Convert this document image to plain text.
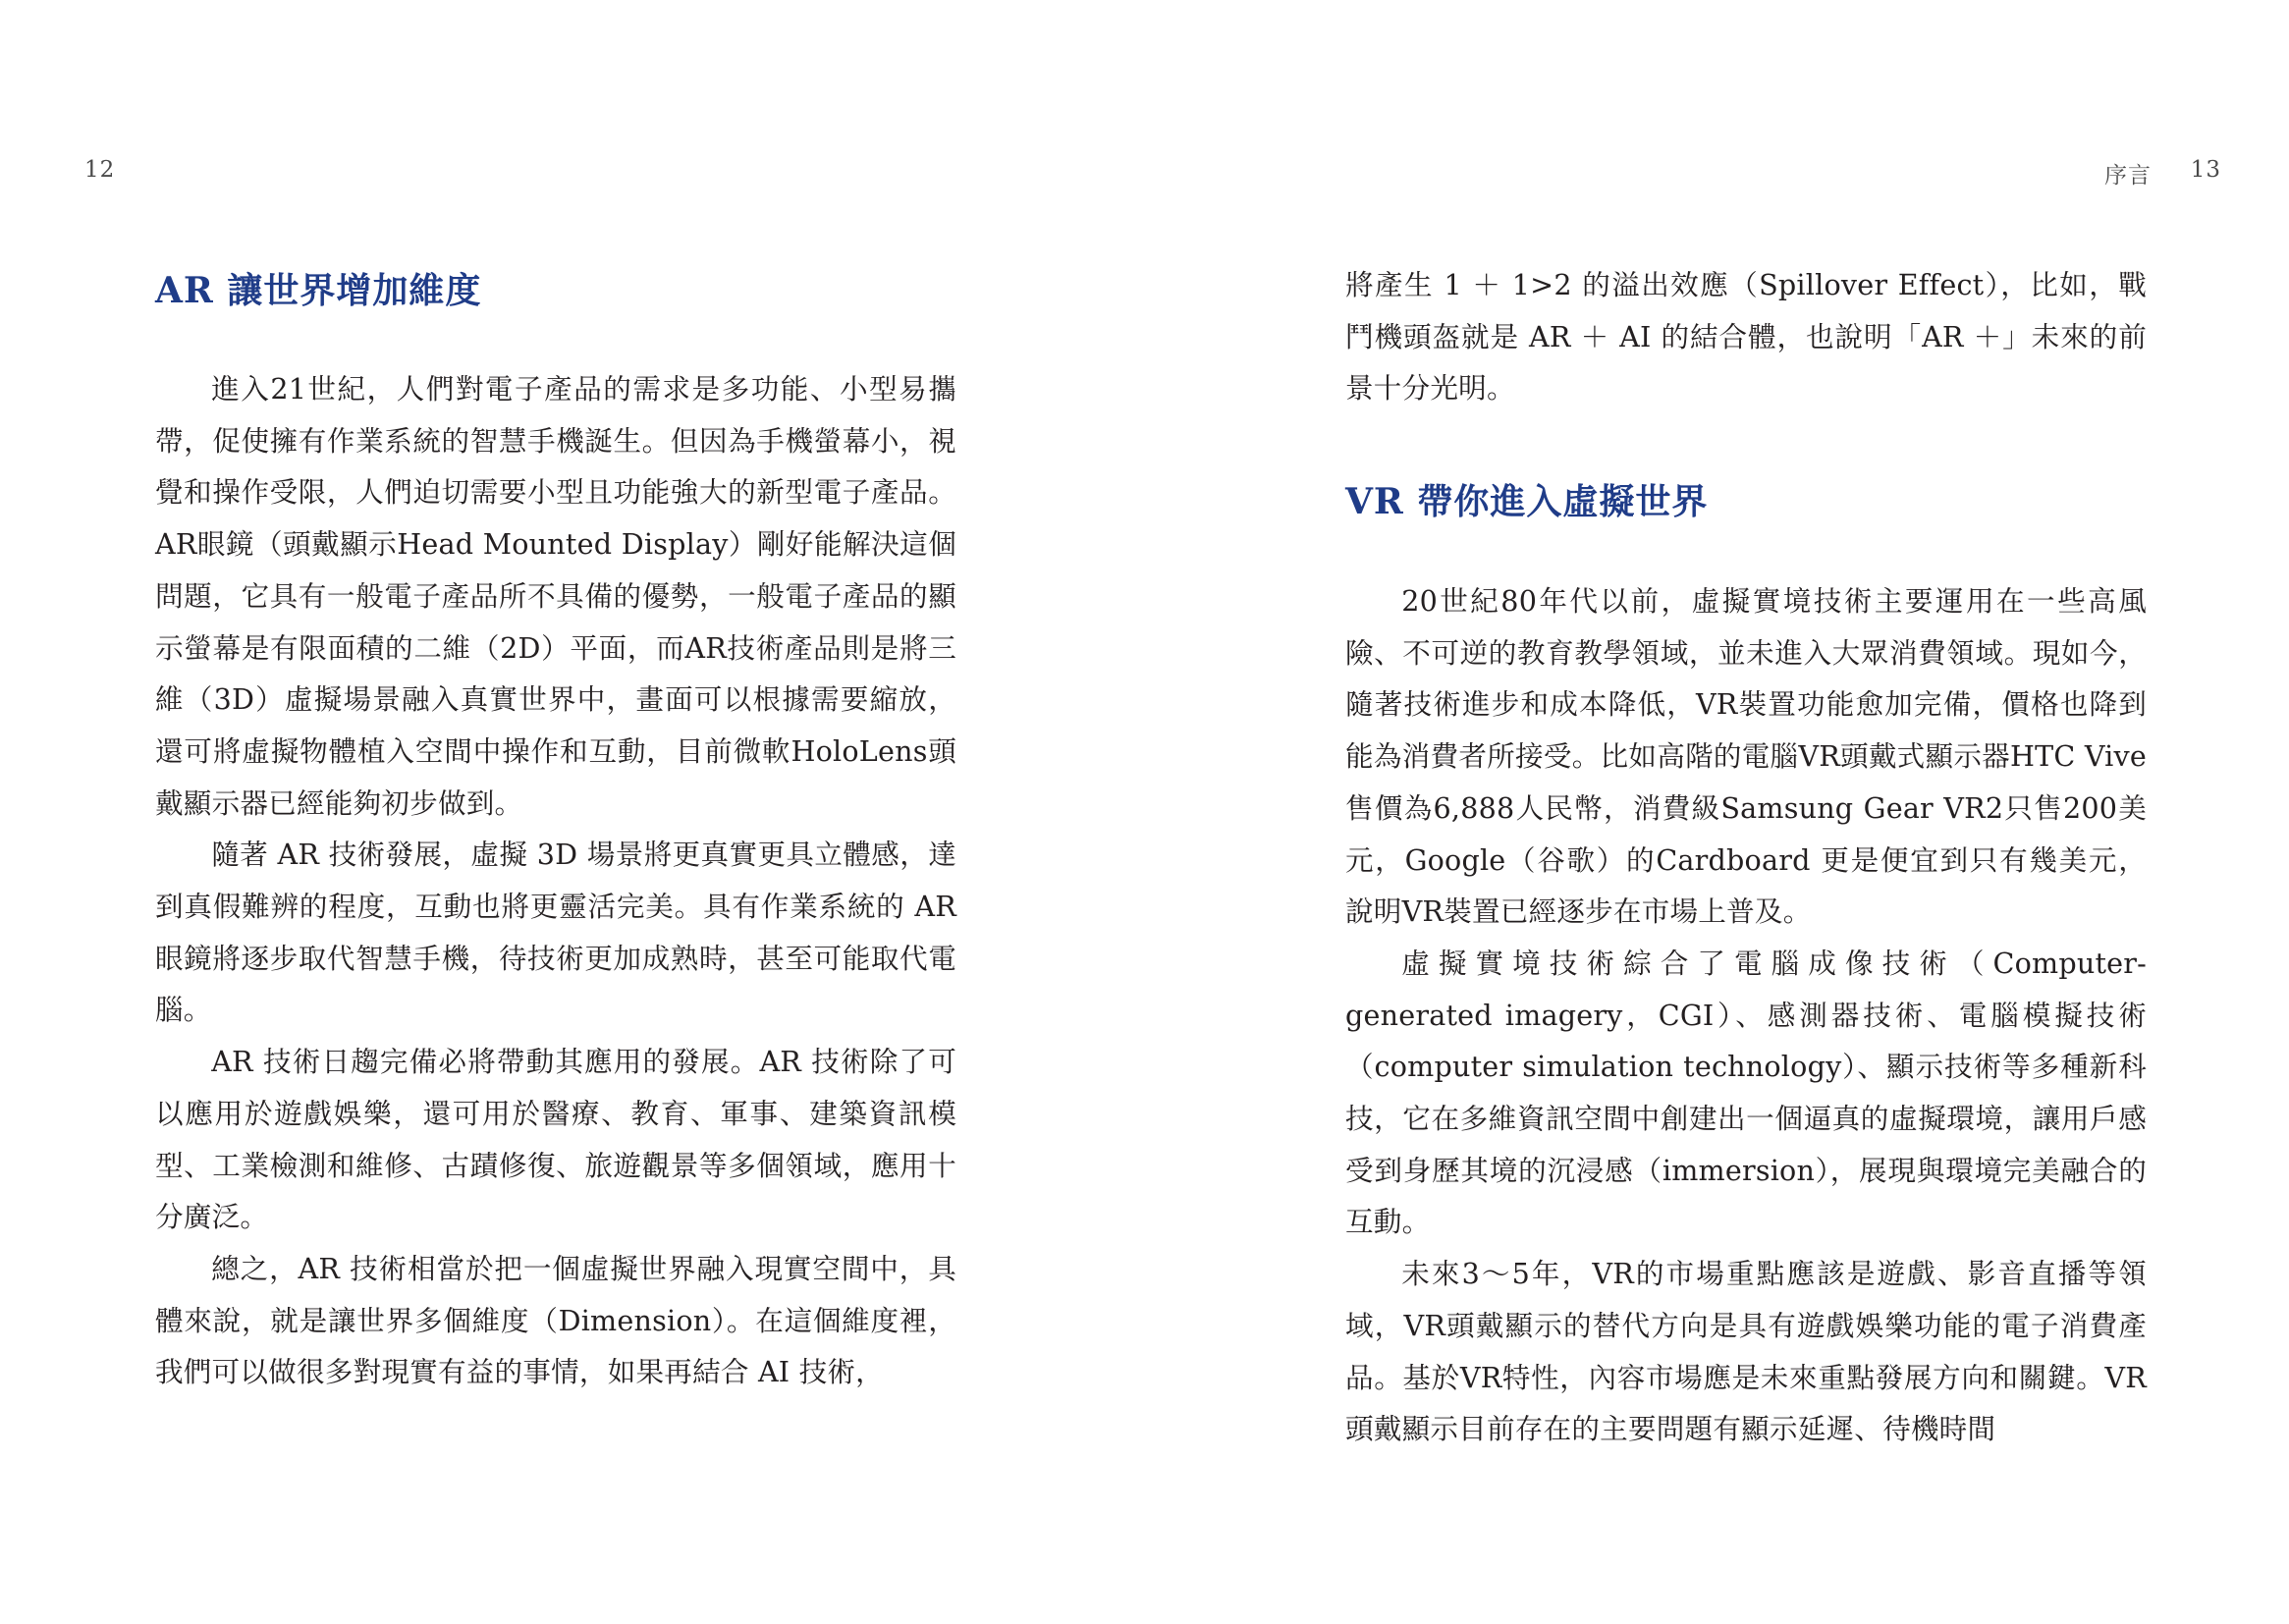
12
AR 讓世界增加維度

進入21世紀，人們對電子產品的需求是多功能、小型易攜帶，促使擁有作業系統的智慧手機誕生。但因為手機螢幕小，視覺和操作受限，人們迫切需要小型且功能強大的新型電子產品。AR眼鏡（頭戴顯示Head Mounted Display）剛好能解決這個問題，它具有一般電子產品所不具備的優勢，一般電子產品的顯示螢幕是有限面積的二維（2D）平面，而AR技術產品則是將三維（3D）虛擬場景融入真實世界中，畫面可以根據需要縮放，還可將虛擬物體植入空間中操作和互動，目前微軟HoloLens頭戴顯示器已經能夠初步做到。

隨著 AR 技術發展，虛擬 3D 場景將更真實更具立體感，達到真假難辨的程度，互動也將更靈活完美。具有作業系統的 AR 眼鏡將逐步取代智慧手機，待技術更加成熟時，甚至可能取代電腦。

AR 技術日趨完備必將帶動其應用的發展。AR 技術除了可以應用於遊戲娛樂，還可用於醫療、教育、軍事、建築資訊模型、工業檢測和維修、古蹟修復、旅遊觀景等多個領域，應用十分廣泛。

總之，AR 技術相當於把一個虛擬世界融入現實空間中，具體來說，就是讓世界多個維度（Dimension）。在這個維度裡，我們可以做很多對現實有益的事情，如果再結合 AI 技術，

序言 13

將產生 1 ＋ 1>2 的溢出效應（Spillover Effect），比如，戰鬥機頭盔就是 AR ＋ AI 的結合體，也說明「AR ＋」未來的前景十分光明。

VR 帶你進入虛擬世界

20世紀80年代以前，虛擬實境技術主要運用在一些高風險、不可逆的教育教學領域，並未進入大眾消費領域。現如今，隨著技術進步和成本降低，VR裝置功能愈加完備，價格也降到能為消費者所接受。比如高階的電腦VR頭戴式顯示器HTC Vive售價為6,888人民幣，消費級Samsung Gear VR2只售200美元，Google（谷歌）的Cardboard 更是便宜到只有幾美元，說明VR裝置已經逐步在市場上普及。

虛擬實境技術綜合了電腦成像技術（Computer-generated imagery，CGI）、感測器技術、電腦模擬技術（computer simulation technology）、顯示技術等多種新科技，它在多維資訊空間中創建出一個逼真的虛擬環境，讓用戶感受到身歷其境的沉浸感（immersion），展現與環境完美融合的互動。

未來3～5年，VR的市場重點應該是遊戲、影音直播等領域，VR頭戴顯示的替代方向是具有遊戲娛樂功能的電子消費產品。基於VR特性，內容市場應是未來重點發展方向和關鍵。VR頭戴顯示目前存在的主要問題有顯示延遲、待機時間
